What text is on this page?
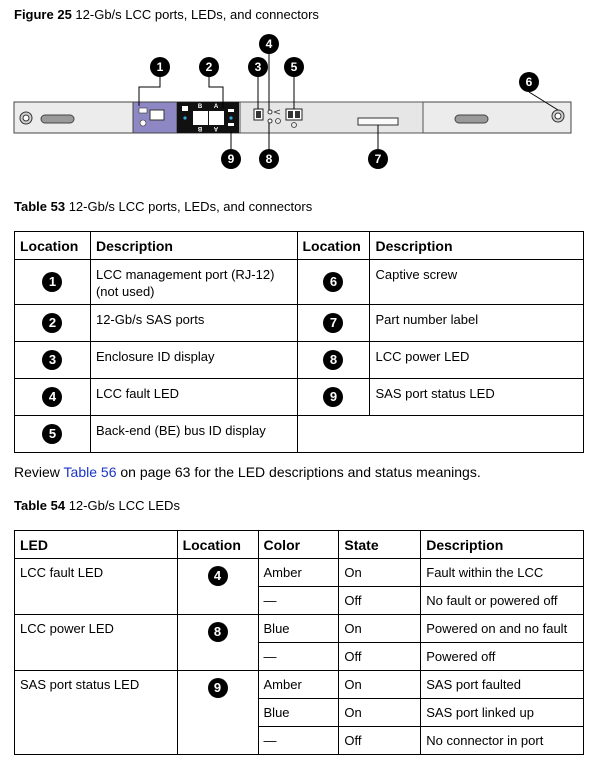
Figure 25 12-Gb/s LCC ports, LEDs, and connectors
B A
B A
1	2	3
4
5
6
7
8
9
Table 53 12-Gb/s LCC ports, LEDs, and connectors
Location	Description	Location	Description
1	LCC management port (RJ-12) (not used)	6	Captive screw
2	12-Gb/s SAS ports	7	Part number label
3	Enclosure ID display	8	LCC power LED
4	LCC fault LED	9	SAS port status LED
5	Back-end (BE) bus ID display		
Review Table 56 on page 63 for the LED descriptions and status meanings.
Table 54 12-Gb/s LCC LEDs
LED	Location	Color	State	Description
LCC fault LED	4	Amber	On	Fault within the LCC
		—	Off	No fault or powered off
LCC power LED	8	Blue	On	Powered on and no fault
		—	Off	Powered off
SAS port status LED	9	Amber	On	SAS port faulted
		Blue	On	SAS port linked up
		—	Off	No connector in port
